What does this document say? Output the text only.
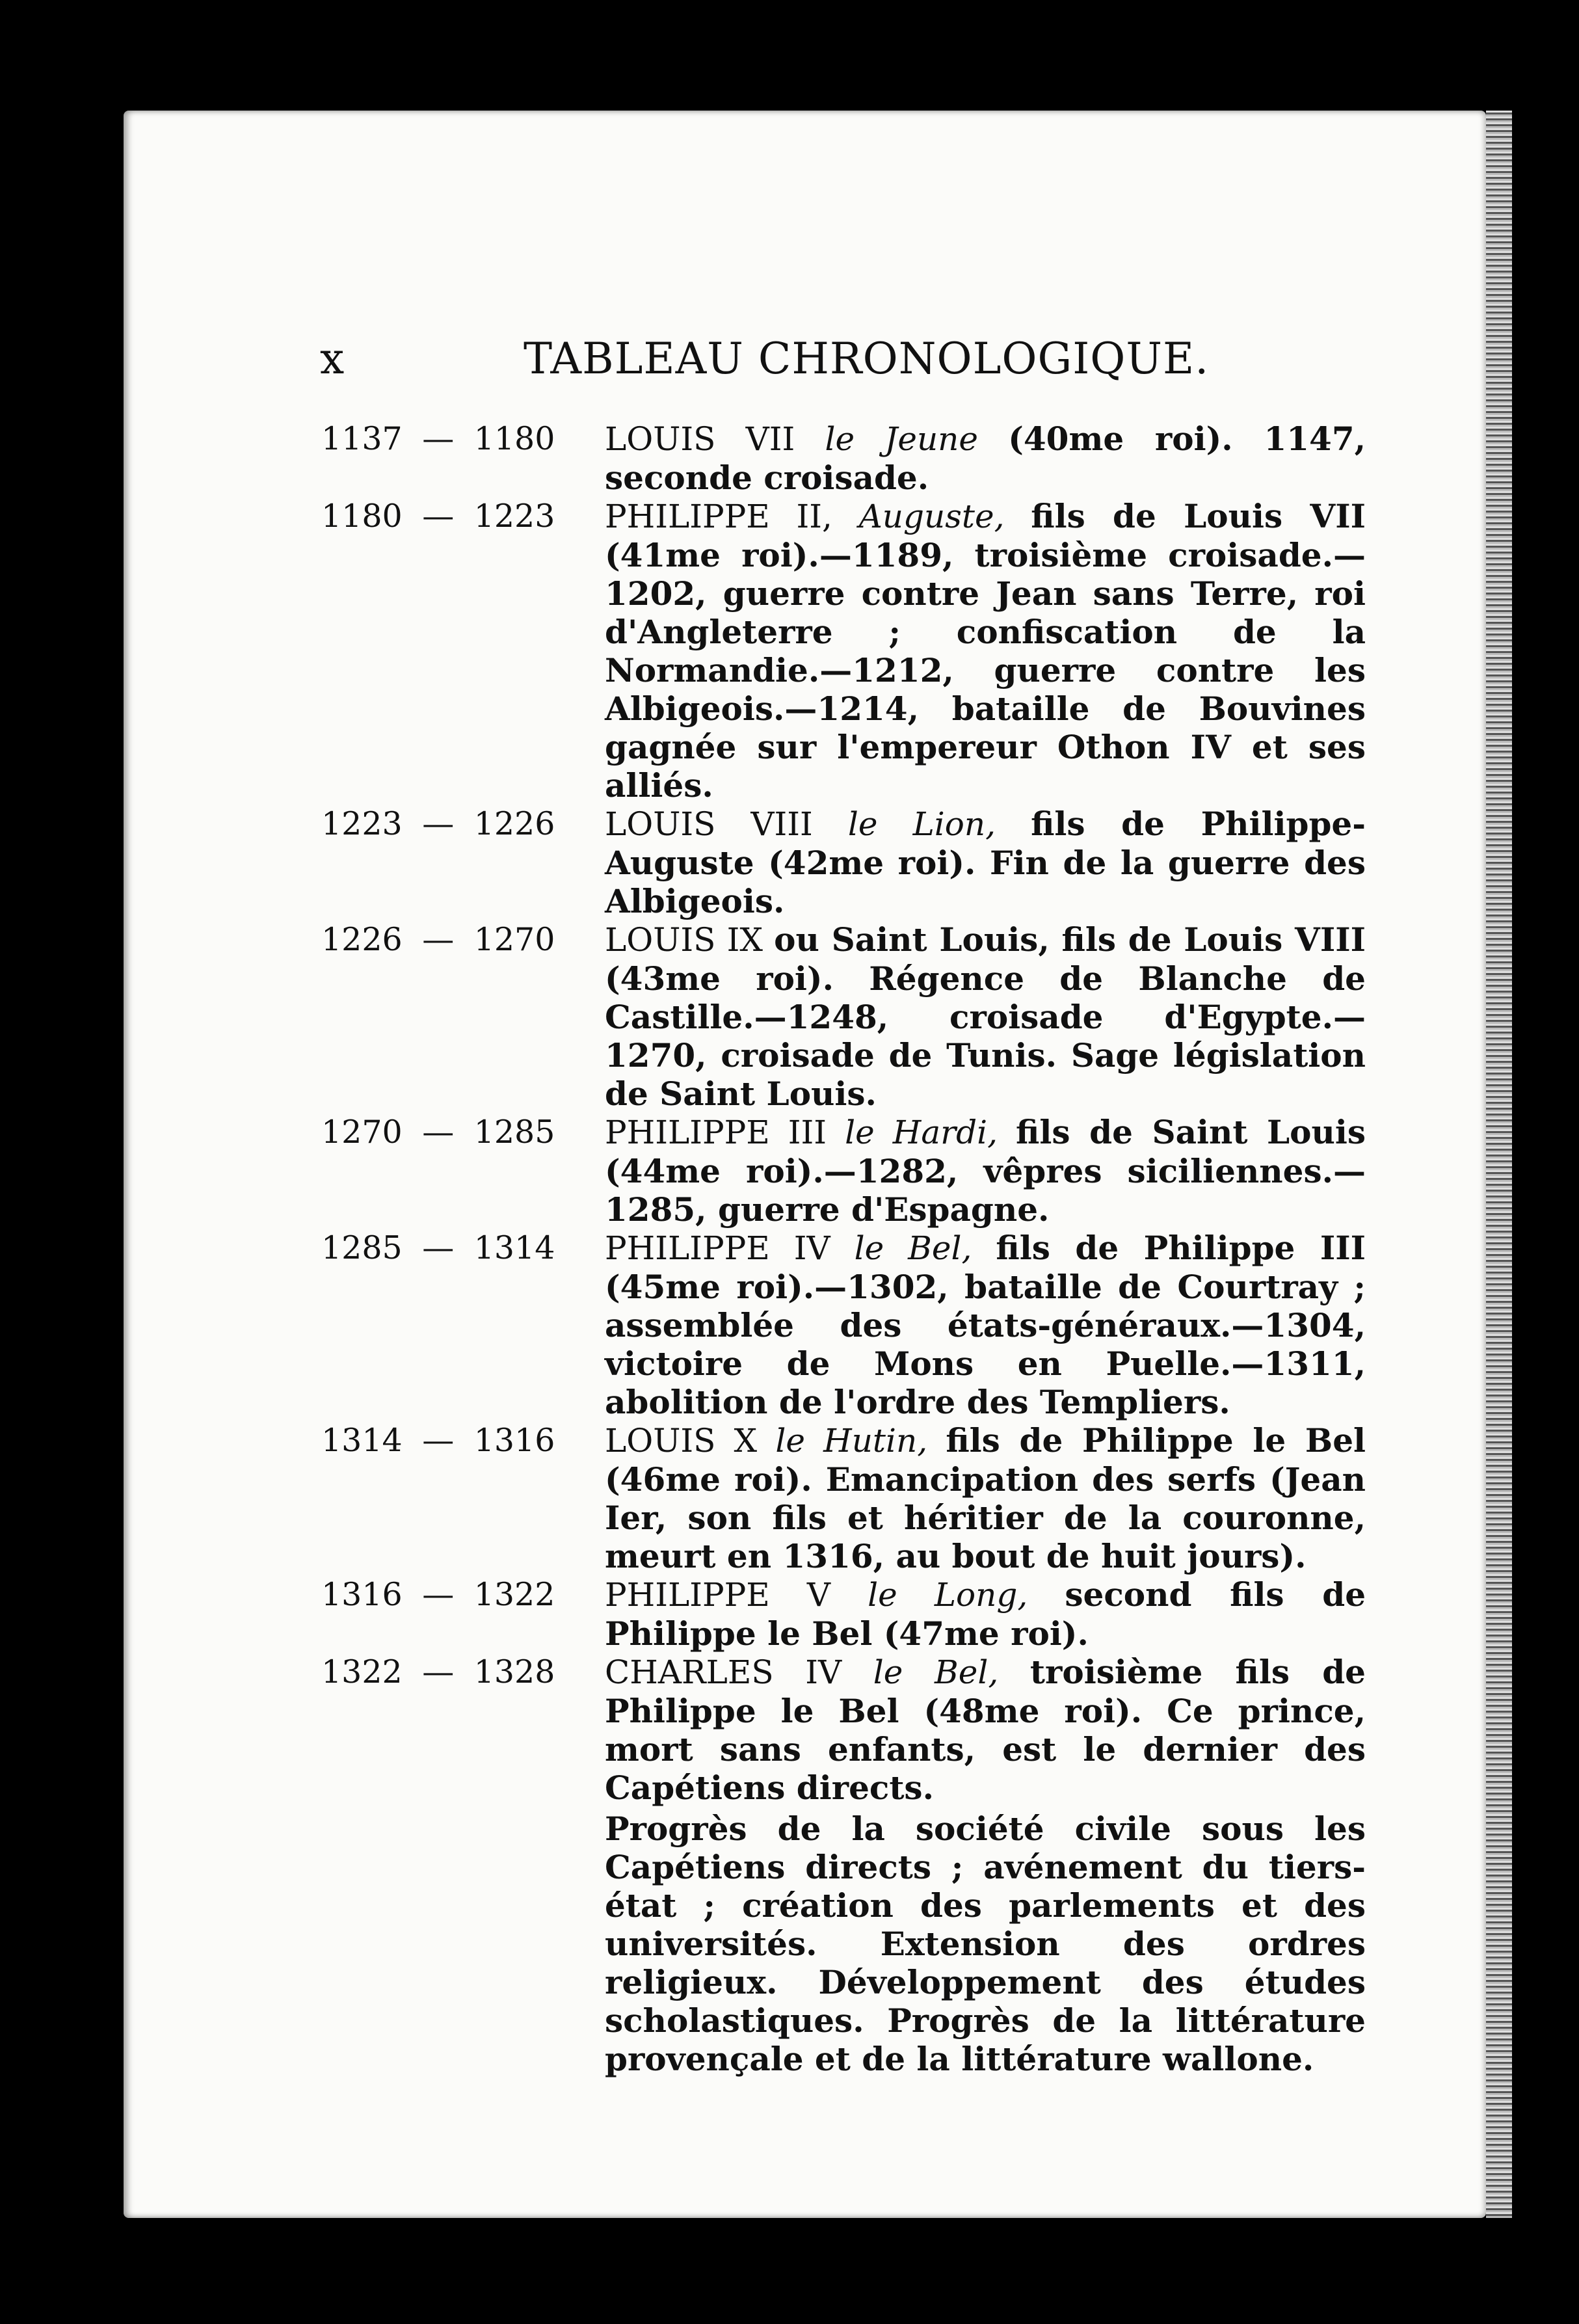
x	TABLEAU CHRONOLOGIQUE.
1137 — 1180 LOUIS VII le Jeune (40me roi). 1147, seconde croisade.
1180 — 1223 PHILIPPE II, Auguste, fils de Louis VII (41me roi).—1189, troisième croisade.—1202, guerre contre Jean sans Terre, roi d'Angleterre ; confiscation de la Normandie.—1212, guerre contre les Albigeois.—1214, bataille de Bouvines gagnée sur l'empereur Othon IV et ses alliés.
1223 — 1226 LOUIS VIII le Lion, fils de Philippe-Auguste (42me roi). Fin de la guerre des Albigeois.
1226 — 1270 LOUIS IX ou Saint Louis, fils de Louis VIII (43me roi). Régence de Blanche de Castille.—1248, croisade d'Egypte.—1270, croisade de Tunis. Sage législation de Saint Louis.
1270 — 1285 PHILIPPE III le Hardi, fils de Saint Louis (44me roi).—1282, vêpres siciliennes.—1285, guerre d'Espagne.
1285 — 1314 PHILIPPE IV le Bel, fils de Philippe III (45me roi).—1302, bataille de Courtray ; assemblée des états-généraux.—1304, victoire de Mons en Puelle.—1311, abolition de l'ordre des Templiers.
1314 — 1316 LOUIS X le Hutin, fils de Philippe le Bel (46me roi). Emancipation des serfs (Jean Ier, son fils et héritier de la couronne, meurt en 1316, au bout de huit jours).
1316 — 1322 PHILIPPE V le Long, second fils de Philippe le Bel (47me roi).
1322 — 1328 CHARLES IV le Bel, troisième fils de Philippe le Bel (48me roi). Ce prince, mort sans enfants, est le dernier des Capétiens directs.
Progrès de la société civile sous les Capétiens directs ; avénement du tiers-état ; création des parlements et des universités. Extension des ordres religieux. Développement des études scholastiques. Progrès de la littérature provençale et de la littérature wallone.
